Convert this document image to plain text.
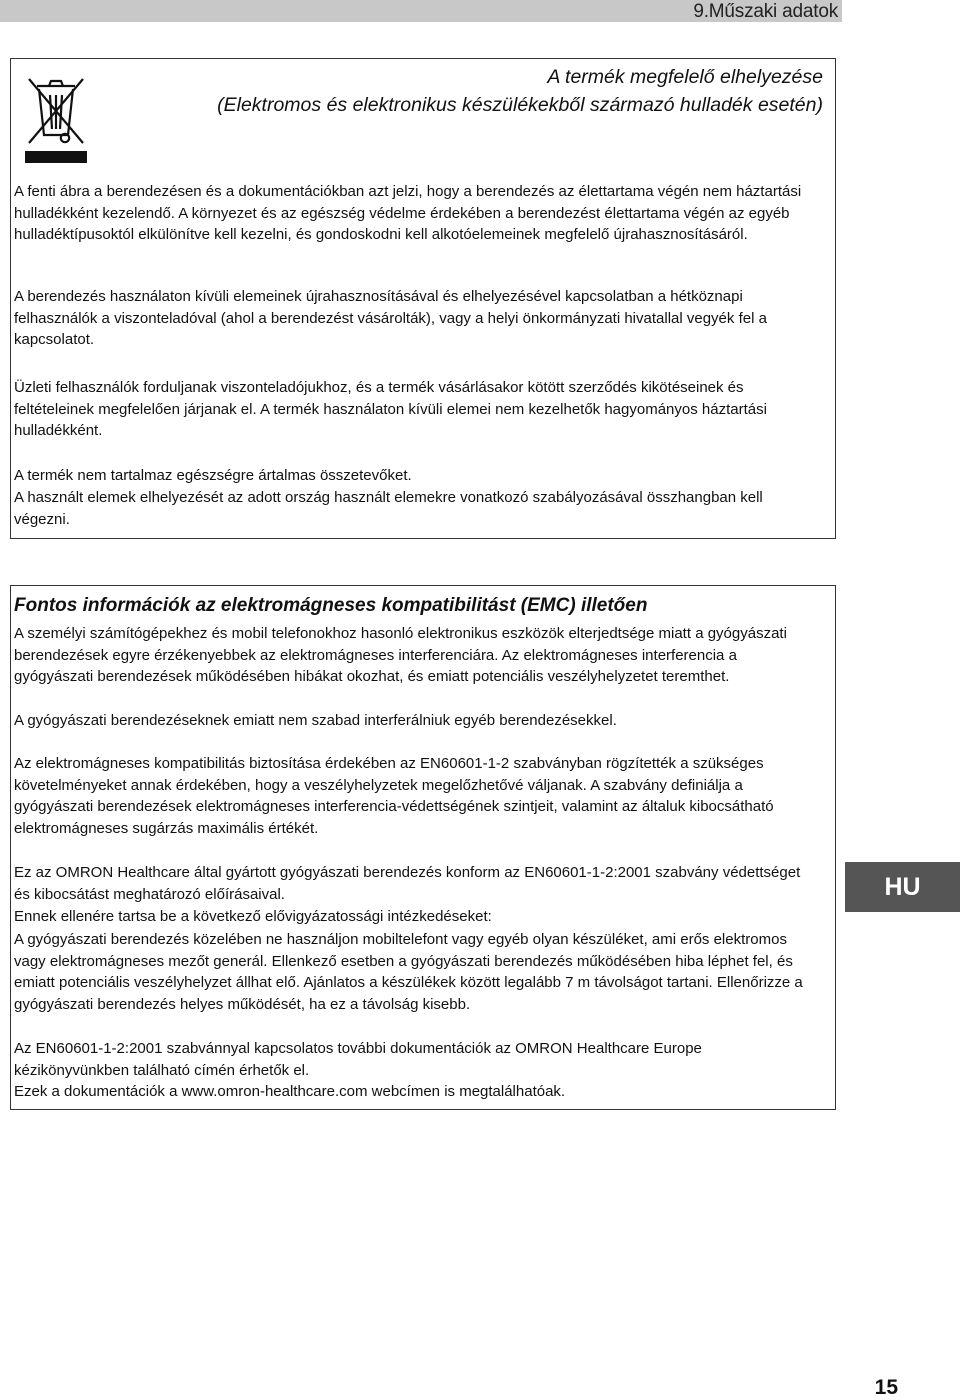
9.Műszaki adatok
A termék megfelelő elhelyezése
(Elektromos és elektronikus készülékekből származó hulladék esetén)

A fenti ábra a berendezésen és a dokumentációkban azt jelzi, hogy a berendezés az élettartama végén nem háztartási hulladékként kezelendő. A környezet és az egészség védelme érdekében a berendezést élettartama végén az egyéb hulladéktípusoktól elkülönítve kell kezelni, és gondoskodni kell alkotóelemeinek megfelelő újrahasznosításáról.

A berendezés használaton kívüli elemeinek újrahasznosításával és elhelyezésével kapcsolatban a hétköznapi felhasználók a viszonteladóval (ahol a berendezést vásárolták), vagy a helyi önkormányzati hivatallal vegyék fel a kapcsolatot.

Üzleti felhasználók forduljanak viszonteladójukhoz, és a termék vásárlásakor kötött szerződés kikötéseinek és feltételeinek megfelelően járjanak el. A termék használaton kívüli elemei nem kezelhetők hagyományos háztartási hulladékként.

A termék nem tartalmaz egészségre ártalmas összetevőket.

A használt elemek elhelyezését az adott ország használt elemekre vonatkozó szabályozásával összhangban kell végezni.

Fontos információk az elektromágneses kompatibilitást (EMC) illetően

A személyi számítógépekhez és mobil telefonokhoz hasonló elektronikus eszközök elterjedtsége miatt a gyógyászati berendezések egyre érzékenyebbek az elektromágneses interferenciára. Az elektromágneses interferencia a gyógyászati berendezések működésében hibákat okozhat, és emiatt potenciális veszélyhelyzetet teremthet.

A gyógyászati berendezéseknek emiatt nem szabad interferálniuk egyéb berendezésekkel.

Az elektromágneses kompatibilitás biztosítása érdekében az EN60601-1-2 szabványban rögzítették a szükséges követelményeket annak érdekében, hogy a veszélyhelyzetek megelőzhetővé váljanak. A szabvány definiálja a gyógyászati berendezések elektromágneses interferencia-védettségének szintjeit, valamint az általuk kibocsátható elektromágneses sugárzás maximális értékét.

Ez az OMRON Healthcare által gyártott gyógyászati berendezés konform az EN60601-1-2:2001 szabvány védettséget és kibocsátást meghatározó előírásaival.

Ennek ellenére tartsa be a következő elővigyázatossági intézkedéseket:

A gyógyászati berendezés közelében ne használjon mobiltelefont vagy egyéb olyan készüléket, ami erős elektromos vagy elektromágneses mezőt generál. Ellenkező esetben a gyógyászati berendezés működésében hiba léphet fel, és emiatt potenciális veszélyhelyzet állhat elő. Ajánlatos a készülékek között legalább 7 m távolságot tartani. Ellenőrizze a gyógyászati berendezés helyes működését, ha ez a távolság kisebb.

Az EN60601-1-2:2001 szabvánnyal kapcsolatos további dokumentációk az OMRON Healthcare Europe kézikönyvünkben található címén érhetők el.

Ezek a dokumentációk a www.omron-healthcare.com webcímen is megtalálhatóak.

HU
15
